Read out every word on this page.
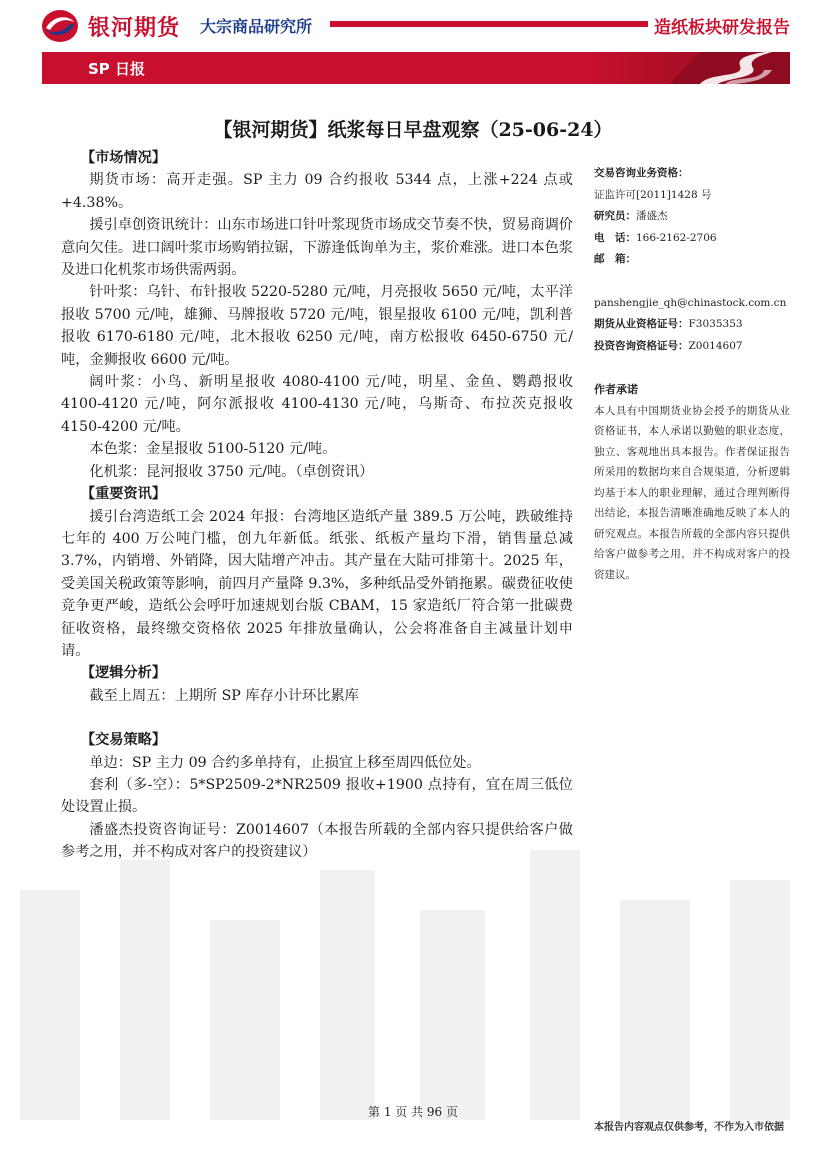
银河期货 大宗商品研究所	造纸板块研发报告
SP 日报
【银河期货】纸浆每日早盘观察（25-06-24）

【市场情况】

期货市场：高开走强。SP 主力 09 合约报收 5344 点，上涨+224 点或+4.38%。

援引卓创资讯统计：山东市场进口针叶浆现货市场成交节奏不快，贸易商调价意向欠佳。进口阔叶浆市场购销拉锯，下游逢低询单为主，浆价难涨。进口本色浆及进口化机浆市场供需两弱。

针叶浆：乌针、布针报收 5220-5280 元/吨，月亮报收 5650 元/吨，太平洋报收 5700 元/吨，雄狮、马牌报收 5720 元/吨，银星报收 6100 元/吨，凯利普报收 6170-6180 元/吨，北木报收 6250 元/吨，南方松报收 6450-6750 元/吨，金狮报收 6600 元/吨。

阔叶浆：小鸟、新明星报收 4080-4100 元/吨，明星、金鱼、鹦鹉报收 4100-4120 元/吨，阿尔派报收 4100-4130 元/吨，乌斯奇、布拉茨克报收 4150-4200 元/吨。

本色浆：金星报收 5100-5120 元/吨。

化机浆：昆河报收 3750 元/吨。（卓创资讯）

【重要资讯】

援引台湾造纸工会 2024 年报：台湾地区造纸产量 389.5 万公吨，跌破维持七年的 400 万公吨门槛，创九年新低。纸张、纸板产量均下滑，销售量总减 3.7%，内销增、外销降，因大陆增产冲击。其产量在大陆可排第十。2025 年，受美国关税政策等影响，前四月产量降 9.3%，多种纸品受外销拖累。碳费征收使竞争更严峻，造纸公会呼吁加速规划台版 CBAM，15 家造纸厂符合第一批碳费征收资格，最终缴交资格依 2025 年排放量确认，公会将准备自主减量计划申请。

【逻辑分析】

截至上周五：上期所 SP 库存小计环比累库

【交易策略】

单边：SP 主力 09 合约多单持有，止损宜上移至周四低位处。

套利（多-空）：5*SP2509-2*NR2509 报收+1900 点持有，宜在周三低位处设置止损。

潘盛杰投资咨询证号：Z0014607（本报告所载的全部内容只提供给客户做参考之用，并不构成对客户的投资建议）

交易咨询业务资格：
证监许可[2011]1428 号
研究员：潘盛杰
电　话：166-2162-2706
邮　箱：
panshengjie_qh@chinastock.com.cn
期货从业资格证号：F3035353
投资咨询资格证号：Z0014607
作者承诺
本人具有中国期货业协会授予的期货从业资格证书，本人承诺以勤勉的职业态度，独立、客观地出具本报告。作者保证报告所采用的数据均来自合规渠道，分析逻辑均基于本人的职业理解，通过合理判断得出结论，本报告清晰准确地反映了本人的研究观点。本报告所载的全部内容只提供给客户做参考之用，并不构成对客户的投资建议。
第 1 页 共 96 页
本报告内容观点仅供参考，不作为入市依据
